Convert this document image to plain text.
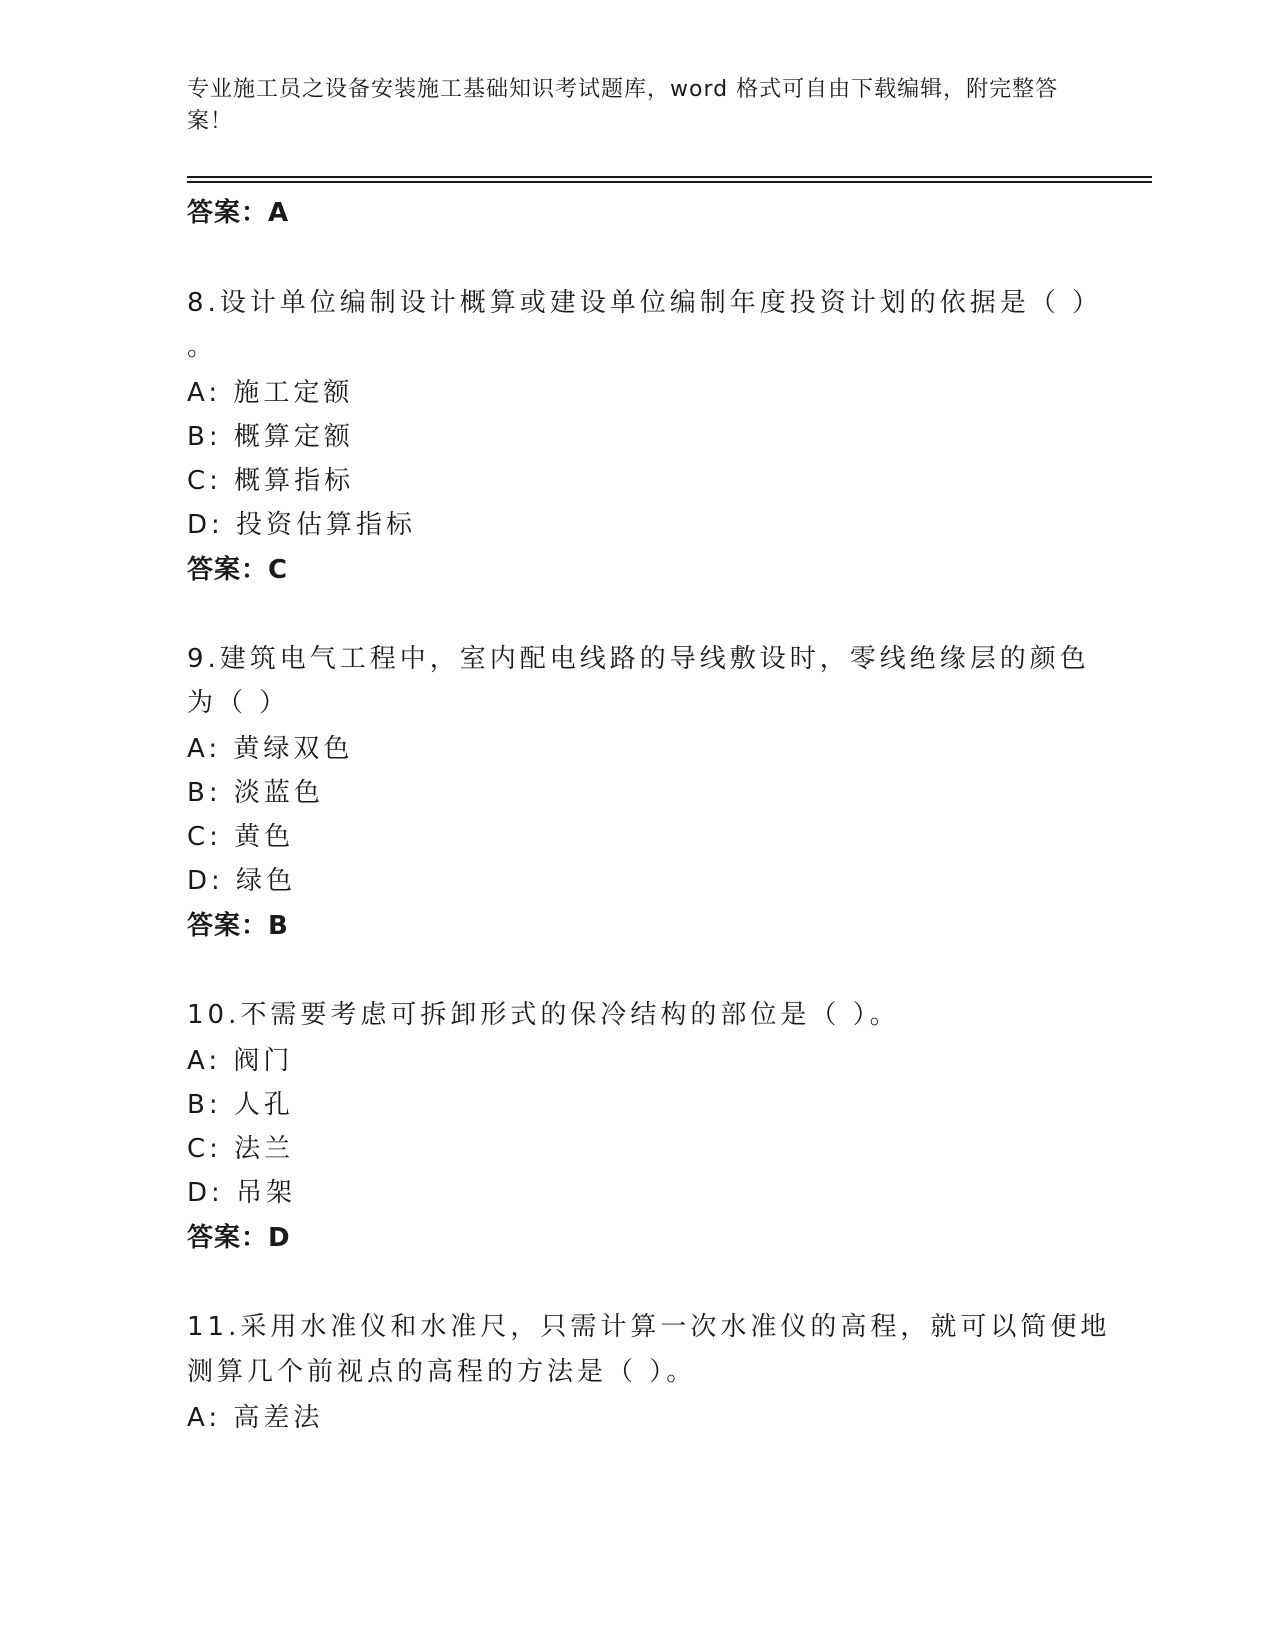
专业施工员之设备安装施工基础知识考试题库，word 格式可自由下载编辑，附完整答案！
答案：A
8.设计单位编制设计概算或建设单位编制年度投资计划的依据是（ ）
。
A: 施工定额
B: 概算定额
C: 概算指标
D: 投资估算指标
答案：C
9.建筑电气工程中，室内配电线路的导线敷设时，零线绝缘层的颜色
为（ ）
A: 黄绿双色
B: 淡蓝色
C: 黄色
D: 绿色
答案：B
10.不需要考虑可拆卸形式的保冷结构的部位是（ ）。
A: 阀门
B: 人孔
C: 法兰
D: 吊架
答案：D
11.采用水准仪和水准尺，只需计算一次水准仪的高程，就可以简便地
测算几个前视点的高程的方法是（ ）。
A: 高差法
